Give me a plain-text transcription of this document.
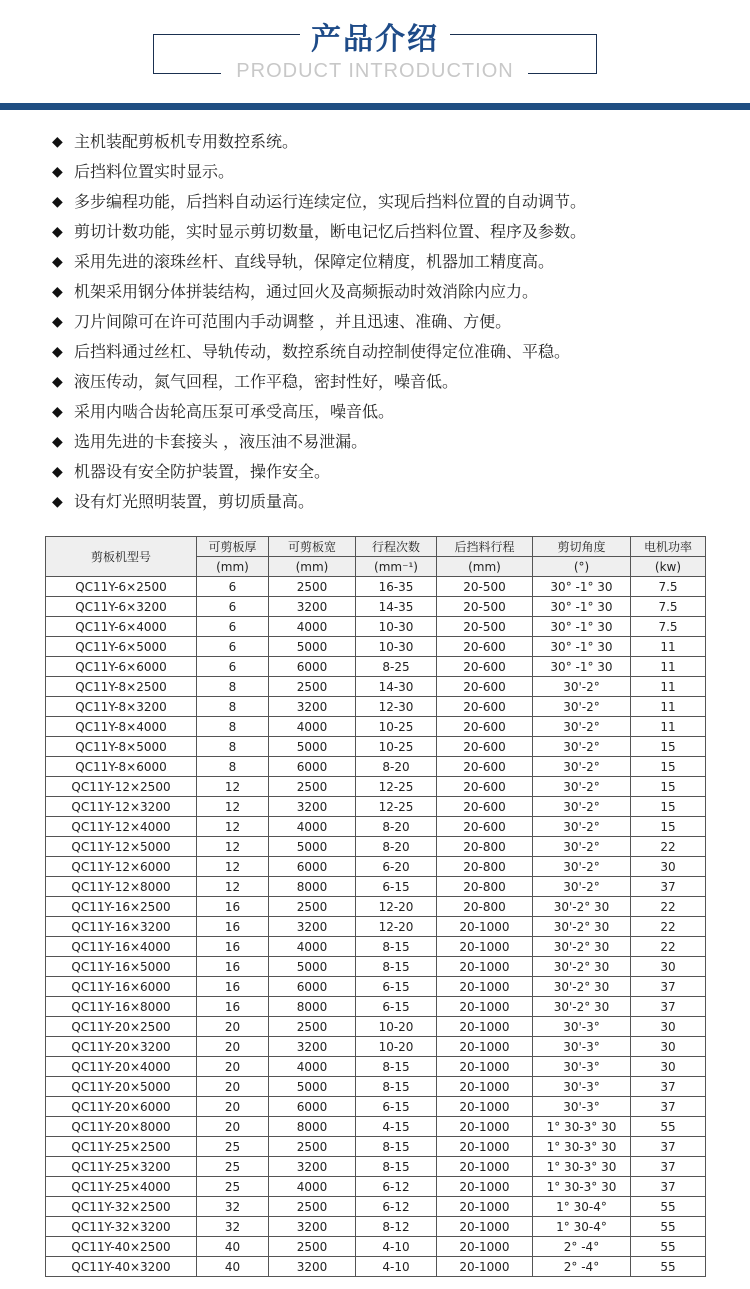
产品介绍
PRODUCT INTRODUCTION
◆ 主机装配剪板机专用数控系统。
◆ 后挡料位置实时显示。
◆ 多步编程功能，后挡料自动运行连续定位，实现后挡料位置的自动调节。
◆ 剪切计数功能，实时显示剪切数量，断电记忆后挡料位置、程序及参数。
◆ 采用先进的滚珠丝杆、直线导轨，保障定位精度，机器加工精度高。
◆ 机架采用钢分体拼装结构，通过回火及高频振动时效消除内应力。
◆ 刀片间隙可在许可范围内手动调整 ，并且迅速、准确、方便。
◆ 后挡料通过丝杠、导轨传动，数控系统自动控制使得定位准确、平稳。
◆ 液压传动，氮气回程，工作平稳，密封性好，噪音低。
◆ 采用内啮合齿轮高压泵可承受高压，噪音低。
◆ 选用先进的卡套接头 ，液压油不易泄漏。
◆ 机器设有安全防护装置，操作安全。
◆ 设有灯光照明装置，剪切质量高。
剪板机型号	可剪板厚	可剪板宽	行程次数	后挡料行程	剪切角度	电机功率
	(mm)	(mm)	(mm⁻¹)	(mm)	(°)	(kw)
QC11Y-6×2500	6	2500	16-35	20-500	30° -1° 30	7.5
QC11Y-6×3200	6	3200	14-35	20-500	30° -1° 30	7.5
QC11Y-6×4000	6	4000	10-30	20-500	30° -1° 30	7.5
QC11Y-6×5000	6	5000	10-30	20-600	30° -1° 30	11
QC11Y-6×6000	6	6000	8-25	20-600	30° -1° 30	11
QC11Y-8×2500	8	2500	14-30	20-600	30'-2°	11
QC11Y-8×3200	8	3200	12-30	20-600	30'-2°	11
QC11Y-8×4000	8	4000	10-25	20-600	30'-2°	11
QC11Y-8×5000	8	5000	10-25	20-600	30'-2°	15
QC11Y-8×6000	8	6000	8-20	20-600	30'-2°	15
QC11Y-12×2500	12	2500	12-25	20-600	30'-2°	15
QC11Y-12×3200	12	3200	12-25	20-600	30'-2°	15
QC11Y-12×4000	12	4000	8-20	20-600	30'-2°	15
QC11Y-12×5000	12	5000	8-20	20-800	30'-2°	22
QC11Y-12×6000	12	6000	6-20	20-800	30'-2°	30
QC11Y-12×8000	12	8000	6-15	20-800	30'-2°	37
QC11Y-16×2500	16	2500	12-20	20-800	30'-2° 30	22
QC11Y-16×3200	16	3200	12-20	20-1000	30'-2° 30	22
QC11Y-16×4000	16	4000	8-15	20-1000	30'-2° 30	22
QC11Y-16×5000	16	5000	8-15	20-1000	30'-2° 30	30
QC11Y-16×6000	16	6000	6-15	20-1000	30'-2° 30	37
QC11Y-16×8000	16	8000	6-15	20-1000	30'-2° 30	37
QC11Y-20×2500	20	2500	10-20	20-1000	30'-3°	30
QC11Y-20×3200	20	3200	10-20	20-1000	30'-3°	30
QC11Y-20×4000	20	4000	8-15	20-1000	30'-3°	30
QC11Y-20×5000	20	5000	8-15	20-1000	30'-3°	37
QC11Y-20×6000	20	6000	6-15	20-1000	30'-3°	37
QC11Y-20×8000	20	8000	4-15	20-1000	1° 30-3° 30	55
QC11Y-25×2500	25	2500	8-15	20-1000	1° 30-3° 30	37
QC11Y-25×3200	25	3200	8-15	20-1000	1° 30-3° 30	37
QC11Y-25×4000	25	4000	6-12	20-1000	1° 30-3° 30	37
QC11Y-32×2500	32	2500	6-12	20-1000	1° 30-4°	55
QC11Y-32×3200	32	3200	8-12	20-1000	1° 30-4°	55
QC11Y-40×2500	40	2500	4-10	20-1000	2° -4°	55
QC11Y-40×3200	40	3200	4-10	20-1000	2° -4°	55
